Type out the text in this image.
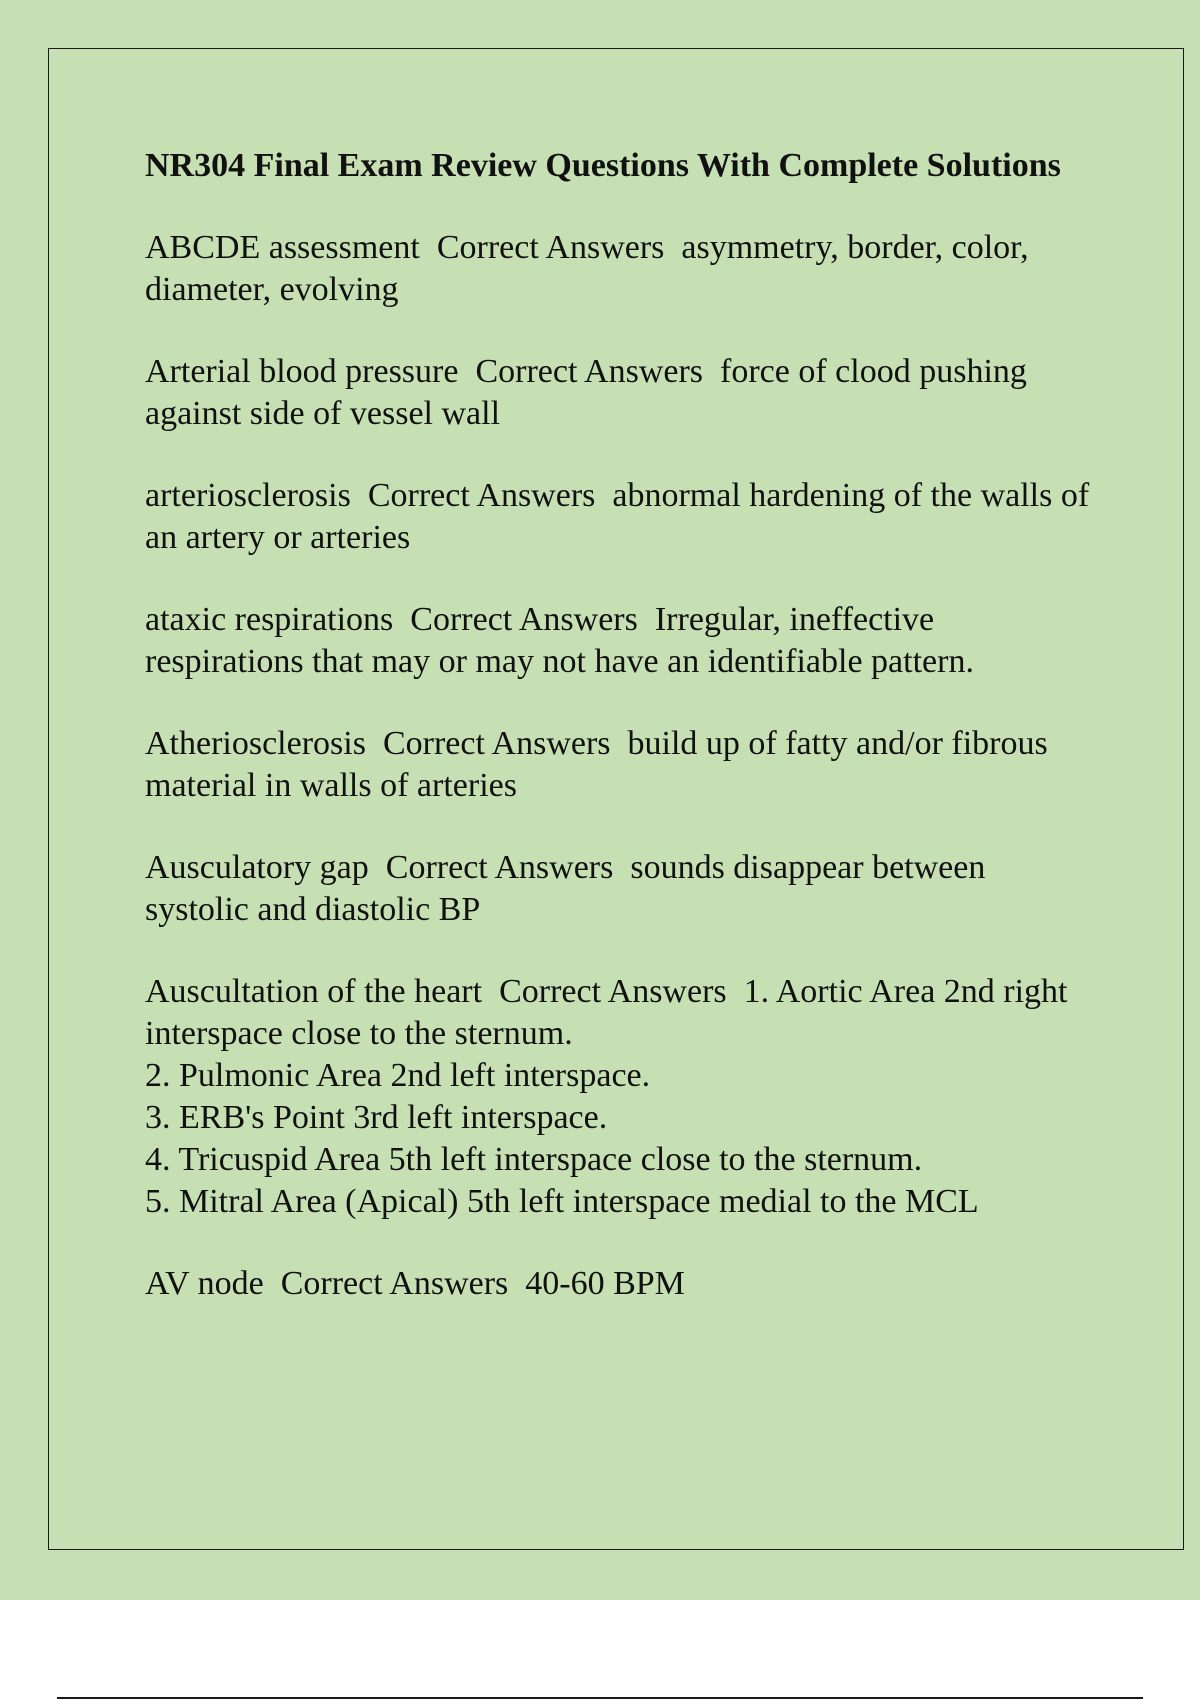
NR304 Final Exam Review Questions With Complete Solutions
ABCDE assessment  Correct Answers  asymmetry, border, color, diameter, evolving
Arterial blood pressure  Correct Answers  force of clood pushing against side of vessel wall
arteriosclerosis  Correct Answers  abnormal hardening of the walls of an artery or arteries
ataxic respirations  Correct Answers  Irregular, ineffective respirations that may or may not have an identifiable pattern.
Atheriosclerosis  Correct Answers  build up of fatty and/or fibrous material in walls of arteries
Ausculatory gap  Correct Answers  sounds disappear between systolic and diastolic BP
Auscultation of the heart  Correct Answers  1. Aortic Area 2nd right interspace close to the sternum.
2. Pulmonic Area 2nd left interspace.
3. ERB's Point 3rd left interspace.
4. Tricuspid Area 5th left interspace close to the sternum.
5. Mitral Area (Apical) 5th left interspace medial to the MCL
AV node  Correct Answers  40-60 BPM
